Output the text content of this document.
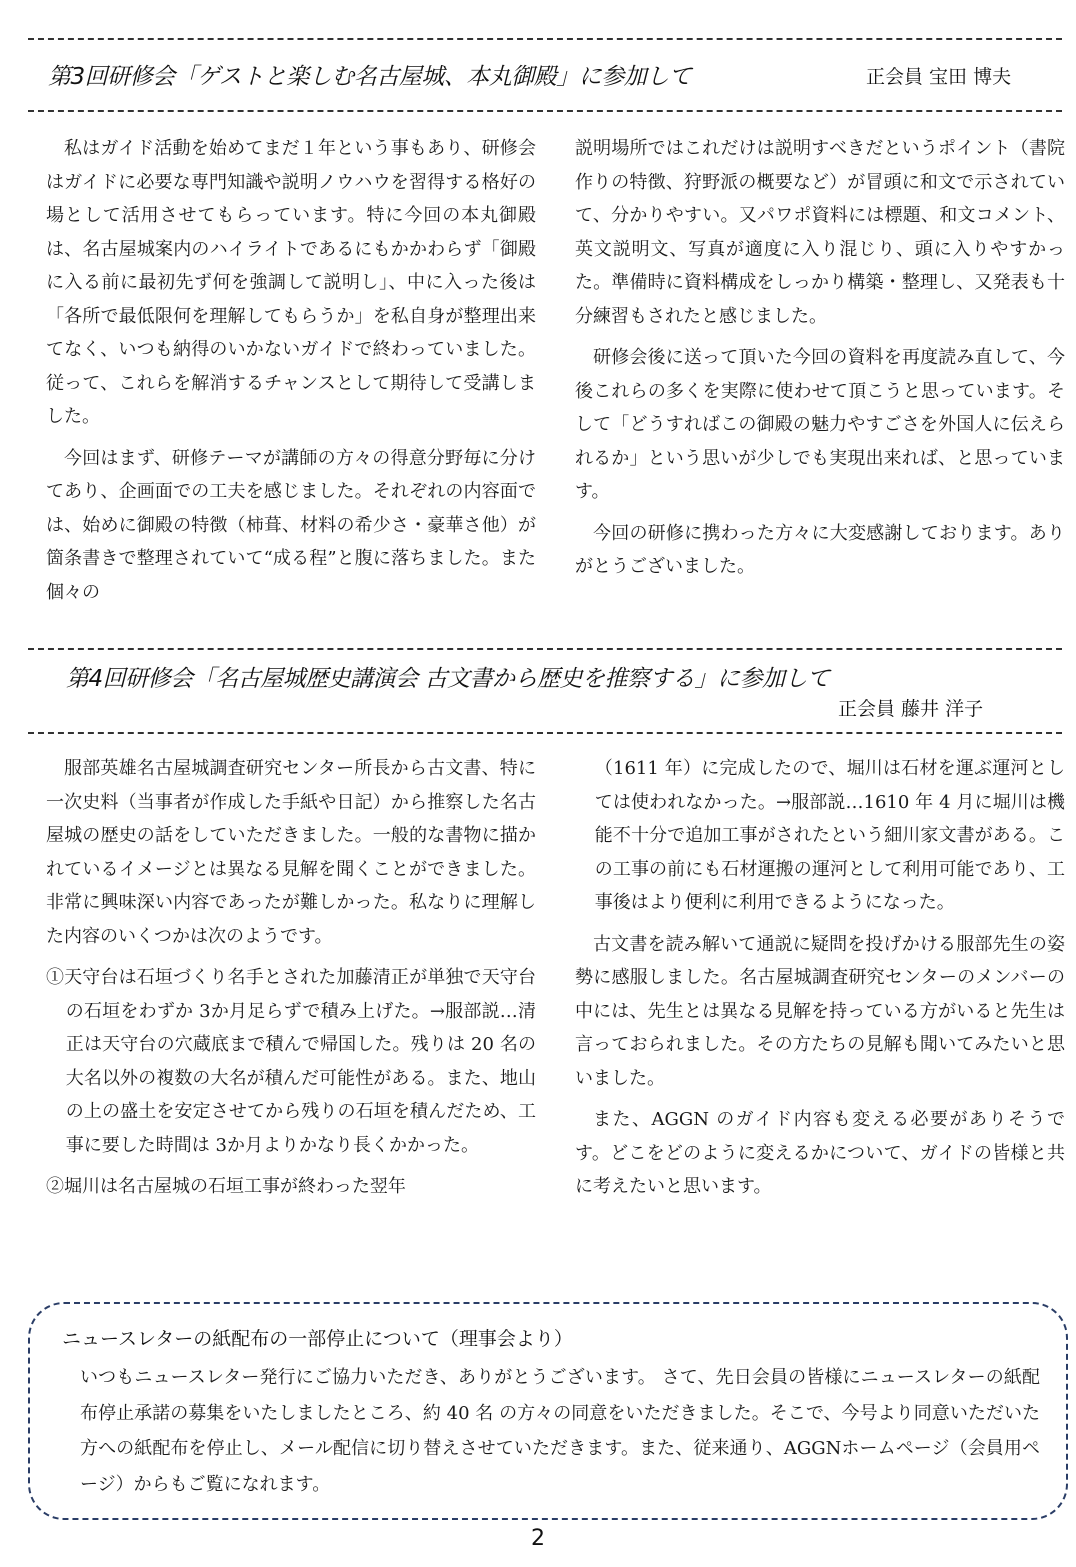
第3回研修会「ゲストと楽しむ名古屋城、本丸御殿」に参加して	正会員 宝田 博夫

私はガイド活動を始めてまだ１年という事もあり、研修会はガイドに必要な専門知識や説明ノウハウを習得する格好の場として活用させてもらっています。特に今回の本丸御殿は、名古屋城案内のハイライトであるにもかかわらず「御殿に入る前に最初先ず何を強調して説明し」、中に入った後は「各所で最低限何を理解してもらうか」を私自身が整理出来てなく、いつも納得のいかないガイドで終わっていました。従って、これらを解消するチャンスとして期待して受講しました。

今回はまず、研修テーマが講師の方々の得意分野毎に分けてあり、企画面での工夫を感じました。それぞれの内容面では、始めに御殿の特徴（柿葺、材料の希少さ・豪華さ他）が箇条書きで整理されていて“成る程”と腹に落ちました。また個々の

説明場所ではこれだけは説明すべきだというポイント（書院作りの特徴、狩野派の概要など）が冒頭に和文で示されていて、分かりやすい。又パワポ資料には標題、和文コメント、英文説明文、写真が適度に入り混じり、頭に入りやすかった。準備時に資料構成をしっかり構築・整理し、又発表も十分練習もされたと感じました。

研修会後に送って頂いた今回の資料を再度読み直して、今後これらの多くを実際に使わせて頂こうと思っています。そして「どうすればこの御殿の魅力やすごさを外国人に伝えられるか」という思いが少しでも実現出来れば、と思っています。

今回の研修に携わった方々に大変感謝しております。ありがとうございました。

第4回研修会「名古屋城歴史講演会 古文書から歴史を推察する」に参加して
正会員 藤井 洋子

服部英雄名古屋城調査研究センター所長から古文書、特に一次史料（当事者が作成した手紙や日記）から推察した名古屋城の歴史の話をしていただきました。一般的な書物に描かれているイメージとは異なる見解を聞くことができました。非常に興味深い内容であったが難しかった。私なりに理解した内容のいくつかは次のようです。

①天守台は石垣づくり名手とされた加藤清正が単独で天守台の石垣をわずか 3か月足らずで積み上げた。→服部説…清正は天守台の穴蔵底まで積んで帰国した。残りは 20 名の大名以外の複数の大名が積んだ可能性がある。また、地山の上の盛土を安定させてから残りの石垣を積んだため、工事に要した時間は 3か月よりかなり長くかかった。

②堀川は名古屋城の石垣工事が終わった翌年

（1611 年）に完成したので、堀川は石材を運ぶ運河としては使われなかった。→服部説…1610 年 4 月に堀川は機能不十分で追加工事がされたという細川家文書がある。この工事の前にも石材運搬の運河として利用可能であり、工事後はより便利に利用できるようになった。

古文書を読み解いて通説に疑問を投げかける服部先生の姿勢に感服しました。名古屋城調査研究センターのメンバーの中には、先生とは異なる見解を持っている方がいると先生は言っておられました。その方たちの見解も聞いてみたいと思いました。

また、AGGN のガイド内容も変える必要がありそうです。どこをどのように変えるかについて、ガイドの皆様と共に考えたいと思います。

ニュースレターの紙配布の一部停止について（理事会より）
いつもニュースレター発行にご協力いただき、ありがとうございます。 さて、先日会員の皆様にニュースレターの紙配布停止承諾の募集をいたしましたところ、約 40 名 の方々の同意をいただきました。そこで、今号より同意いただいた方への紙配布を停止し、メール配信に切り替えさせていただきます。また、従来通り、AGGNホームページ（会員用ページ）からもご覧になれます。
2
